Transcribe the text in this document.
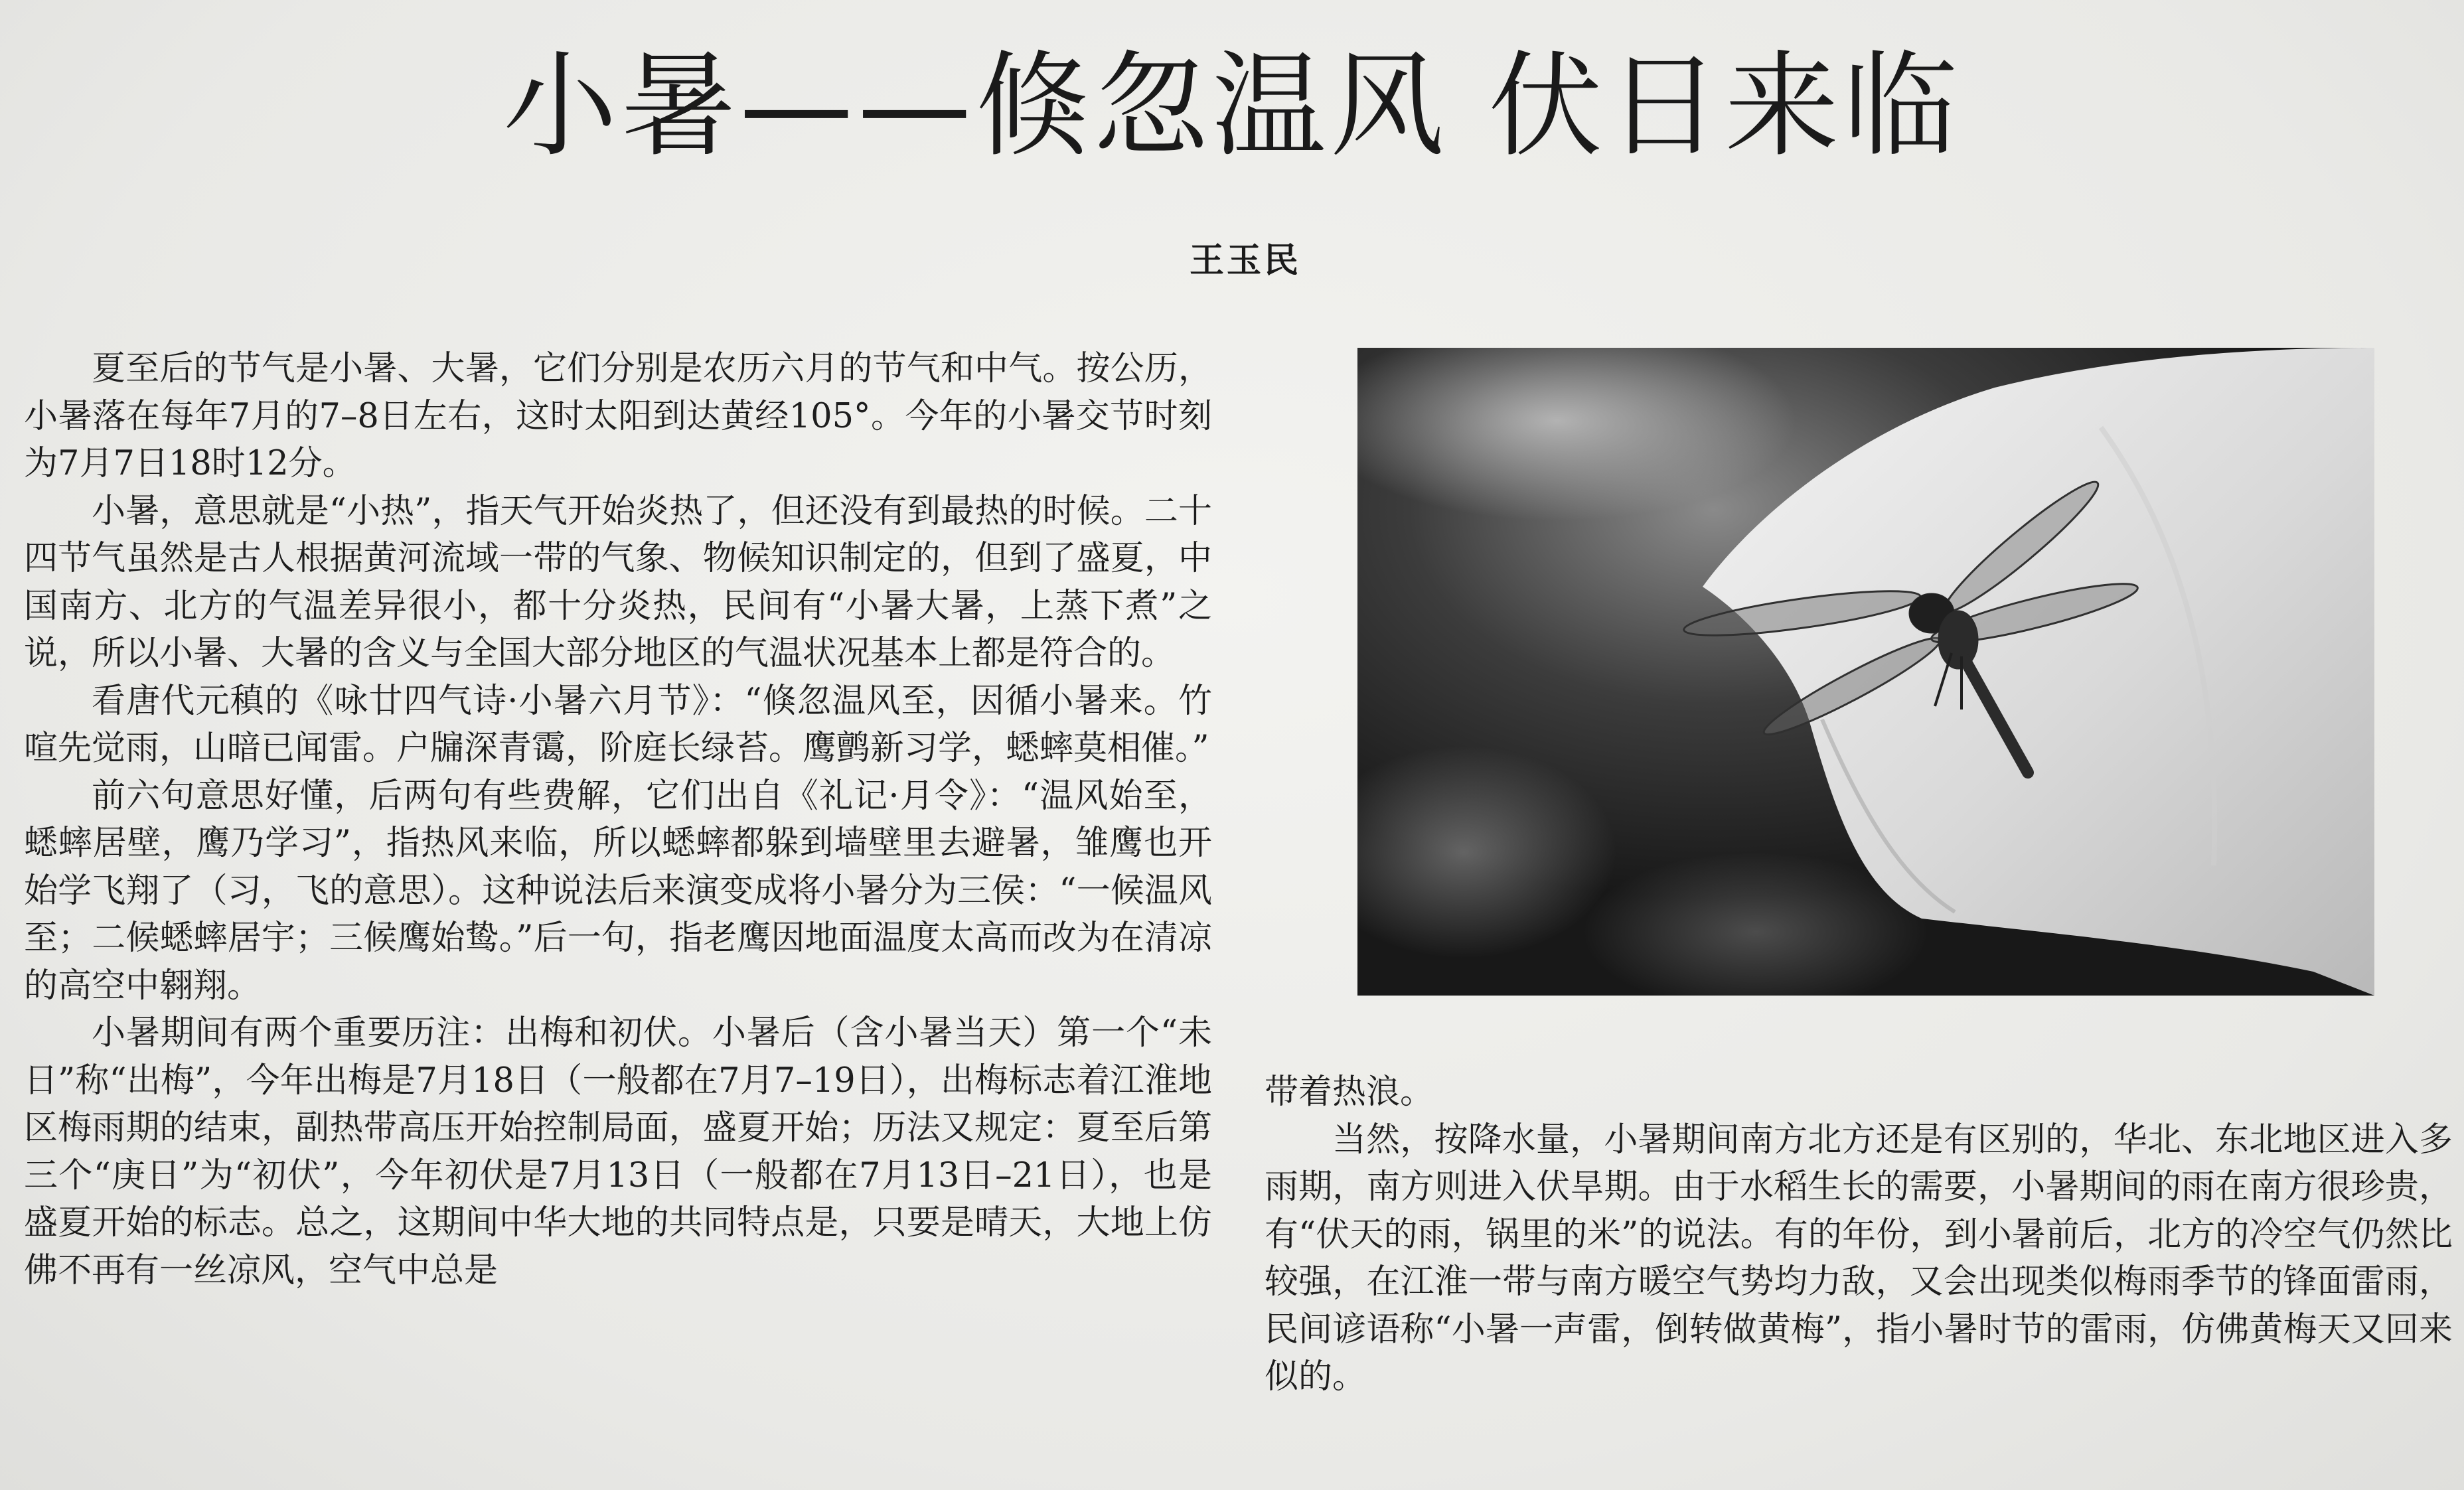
小暑——倏忽温风 伏日来临
王玉民

夏至后的节气是小暑、大暑，它们分别是农历六月的节气和中气。按公历，小暑落在每年7月的7–8日左右，这时太阳到达黄经105°。今年的小暑交节时刻为7月7日18时12分。

小暑，意思就是“小热”，指天气开始炎热了，但还没有到最热的时候。二十四节气虽然是古人根据黄河流域一带的气象、物候知识制定的，但到了盛夏，中国南方、北方的气温差异很小，都十分炎热，民间有“小暑大暑，上蒸下煮”之说，所以小暑、大暑的含义与全国大部分地区的气温状况基本上都是符合的。

看唐代元稹的《咏廿四气诗·小暑六月节》：“倏忽温风至，因循小暑来。竹喧先觉雨，山暗已闻雷。户牖深青霭，阶庭长绿苔。鹰鹯新习学，蟋蟀莫相催。”

前六句意思好懂，后两句有些费解，它们出自《礼记·月令》：“温风始至，蟋蟀居壁，鹰乃学习”，指热风来临，所以蟋蟀都躲到墙壁里去避暑，雏鹰也开始学飞翔了（习，飞的意思）。这种说法后来演变成将小暑分为三侯：“一候温风至；二候蟋蟀居宇；三候鹰始鸷。”后一句，指老鹰因地面温度太高而改为在清凉的高空中翱翔。

小暑期间有两个重要历注：出梅和初伏。小暑后（含小暑当天）第一个“未日”称“出梅”，今年出梅是7月18日（一般都在7月7–19日），出梅标志着江淮地区梅雨期的结束，副热带高压开始控制局面，盛夏开始；历法又规定：夏至后第三个“庚日”为“初伏”，今年初伏是7月13日（一般都在7月13日–21日），也是盛夏开始的标志。总之，这期间中华大地的共同特点是，只要是晴天，大地上仿佛不再有一丝凉风，空气中总是

带着热浪。

当然，按降水量，小暑期间南方北方还是有区别的，华北、东北地区进入多雨期，南方则进入伏旱期。由于水稻生长的需要，小暑期间的雨在南方很珍贵，有“伏天的雨，锅里的米”的说法。有的年份，到小暑前后，北方的冷空气仍然比较强，在江淮一带与南方暖空气势均力敌，又会出现类似梅雨季节的锋面雷雨，民间谚语称“小暑一声雷，倒转做黄梅”，指小暑时节的雷雨，仿佛黄梅天又回来似的。
